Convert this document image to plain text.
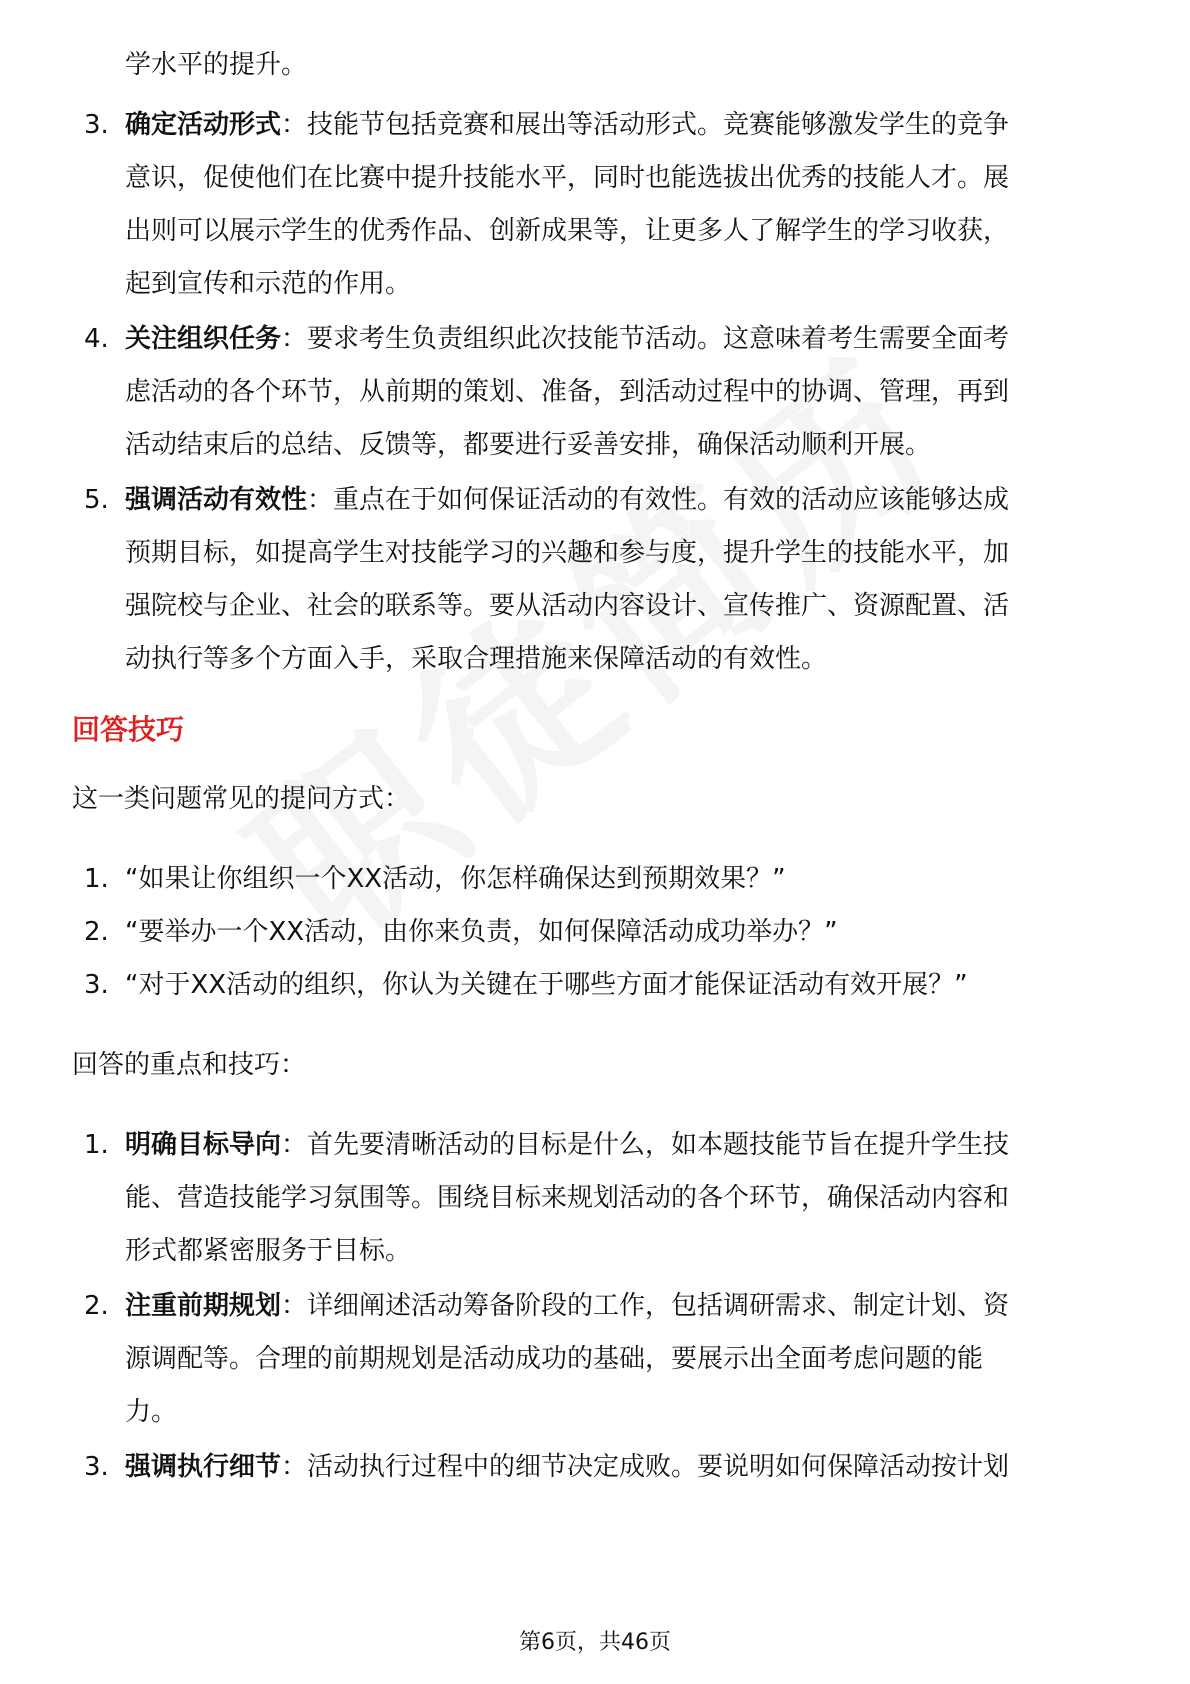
学水平的提升。
3. 确定活动形式：技能节包括竞赛和展出等活动形式。竞赛能够激发学生的竞争
意识，促使他们在比赛中提升技能水平，同时也能选拔出优秀的技能人才。展
出则可以展示学生的优秀作品、创新成果等，让更多人了解学生的学习收获，
起到宣传和示范的作用。
4. 关注组织任务：要求考生负责组织此次技能节活动。这意味着考生需要全面考
虑活动的各个环节，从前期的策划、准备，到活动过程中的协调、管理，再到
活动结束后的总结、反馈等，都要进行妥善安排，确保活动顺利开展。
5. 强调活动有效性：重点在于如何保证活动的有效性。有效的活动应该能够达成
预期目标，如提高学生对技能学习的兴趣和参与度，提升学生的技能水平，加
强院校与企业、社会的联系等。要从活动内容设计、宣传推广、资源配置、活
动执行等多个方面入手，采取合理措施来保障活动的有效性。
回答技巧
这一类问题常见的提问方式：
1. “如果让你组织一个XX活动，你怎样确保达到预期效果？”
2. “要举办一个XX活动，由你来负责，如何保障活动成功举办？”
3. “对于XX活动的组织，你认为关键在于哪些方面才能保证活动有效开展？”
回答的重点和技巧：
1. 明确目标导向：首先要清晰活动的目标是什么，如本题技能节旨在提升学生技
能、营造技能学习氛围等。围绕目标来规划活动的各个环节，确保活动内容和
形式都紧密服务于目标。
2. 注重前期规划：详细阐述活动筹备阶段的工作，包括调研需求、制定计划、资
源调配等。合理的前期规划是活动成功的基础，要展示出全面考虑问题的能
力。
3. 强调执行细节：活动执行过程中的细节决定成败。要说明如何保障活动按计划
第6页，共46页
